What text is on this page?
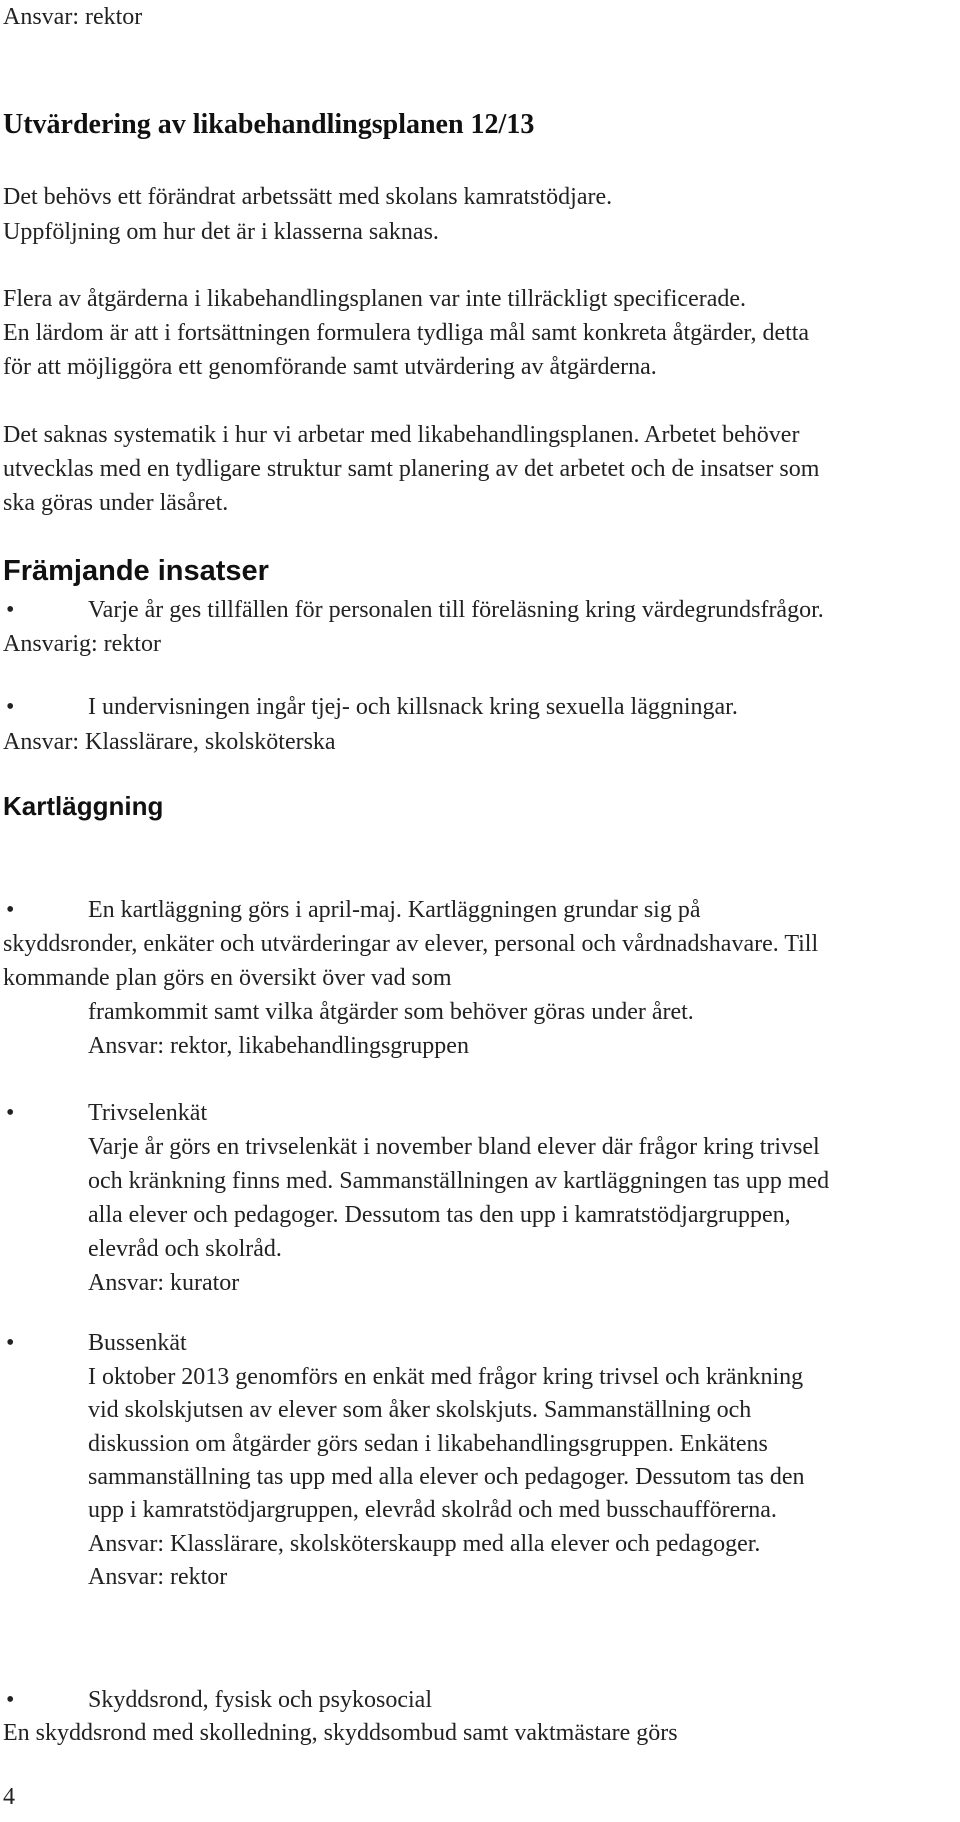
Ansvar: rektor
Utvärdering av likabehandlingsplanen 12/13
Det behövs ett förändrat arbetssätt med skolans kamratstödjare.
Uppföljning om hur det är i klasserna saknas.
Flera av åtgärderna i likabehandlingsplanen var inte tillräckligt specificerade.
En lärdom är att i fortsättningen formulera tydliga mål samt konkreta åtgärder, detta
för att möjliggöra ett genomförande samt utvärdering av åtgärderna.
Det saknas systematik i hur vi arbetar med likabehandlingsplanen. Arbetet behöver
utvecklas med en tydligare struktur samt planering av det arbetet och de insatser som
ska göras under läsåret.
Främjande insatser
•	Varje år ges tillfällen för personalen till föreläsning kring värdegrundsfrågor.
Ansvarig: rektor
•	I undervisningen ingår tjej- och killsnack kring sexuella läggningar.
Ansvar: Klasslärare, skolsköterska
Kartläggning
•	En kartläggning görs i april-maj. Kartläggningen grundar sig på
skyddsronder, enkäter och utvärderingar av elever, personal och vårdnadshavare. Till
kommande plan görs en översikt över vad som
framkommit samt vilka åtgärder som behöver göras under året.
Ansvar: rektor, likabehandlingsgruppen
•	Trivselenkät
Varje år görs en trivselenkät i november bland elever där frågor kring trivsel
och kränkning finns med. Sammanställningen av kartläggningen tas upp med
alla elever och pedagoger. Dessutom tas den upp i kamratstödjargruppen,
elevråd och skolråd.
Ansvar: kurator
•	Bussenkät
I oktober 2013 genomförs en enkät med frågor kring trivsel och kränkning
vid skolskjutsen av elever som åker skolskjuts. Sammanställning och
diskussion om åtgärder görs sedan i likabehandlingsgruppen. Enkätens
sammanställning tas upp med alla elever och pedagoger. Dessutom tas den
upp i kamratstödjargruppen, elevråd skolråd och med busschaufförerna.
Ansvar: Klasslärare, skolsköterskaupp med alla elever och pedagoger.
Ansvar: rektor
•	Skyddsrond, fysisk och psykosocial
En skyddsrond med skolledning, skyddsombud samt vaktmästare görs
4
